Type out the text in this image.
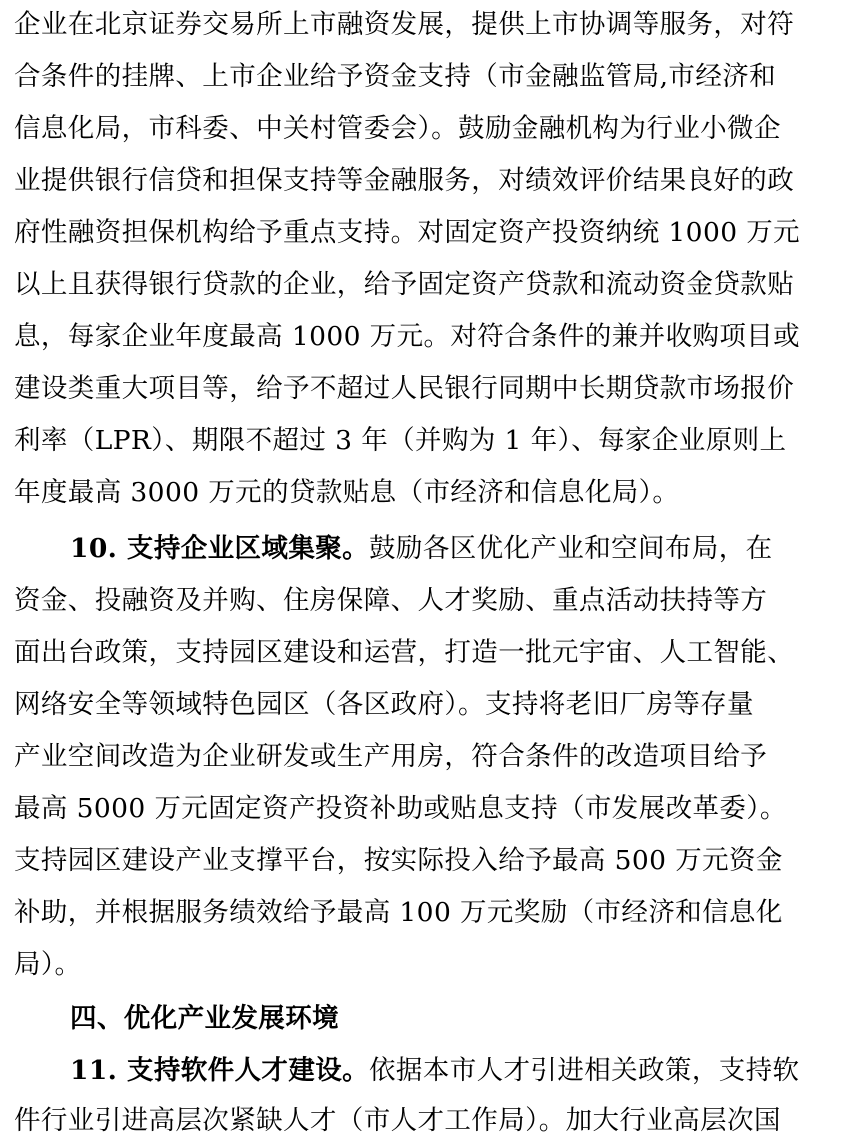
企业在北京证券交易所上市融资发展，提供上市协调等服务，对符
合条件的挂牌、上市企业给予资金支持（市金融监管局,市经济和
信息化局，市科委、中关村管委会）。鼓励金融机构为行业小微企
业提供银行信贷和担保支持等金融服务，对绩效评价结果良好的政
府性融资担保机构给予重点支持。对固定资产投资纳统 1000 万元
以上且获得银行贷款的企业，给予固定资产贷款和流动资金贷款贴
息，每家企业年度最高 1000 万元。对符合条件的兼并收购项目或
建设类重大项目等，给予不超过人民银行同期中长期贷款市场报价
利率（LPR）、期限不超过 3 年（并购为 1 年）、每家企业原则上
年度最高 3000 万元的贷款贴息（市经济和信息化局）。
10. 支持企业区域集聚。鼓励各区优化产业和空间布局，在
资金、投融资及并购、住房保障、人才奖励、重点活动扶持等方
面出台政策，支持园区建设和运营，打造一批元宇宙、人工智能、
网络安全等领域特色园区（各区政府）。支持将老旧厂房等存量
产业空间改造为企业研发或生产用房，符合条件的改造项目给予
最高 5000 万元固定资产投资补助或贴息支持（市发展改革委）。
支持园区建设产业支撑平台，按实际投入给予最高 500 万元资金
补助，并根据服务绩效给予最高 100 万元奖励（市经济和信息化
局）。
四、优化产业发展环境
11. 支持软件人才建设。依据本市人才引进相关政策，支持软
件行业引进高层次紧缺人才（市人才工作局）。加大行业高层次国
